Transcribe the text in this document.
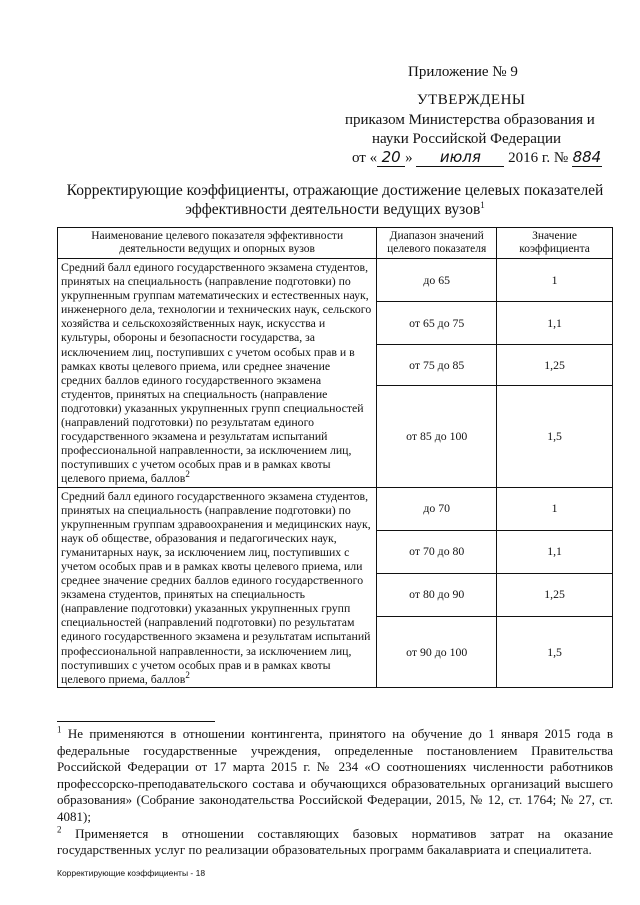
Приложение № 9
УТВЕРЖДЕНЫ
приказом Министерства образования и
науки Российской Федерации
от « 20 » июля 2016 г. № 884
Корректирующие коэффициенты, отражающие достижение целевых показателей
эффективности деятельности ведущих вузов$^1$
Наименование целевого показателя эффективности деятельности ведущих и опорных вузов	Диапазон значений целевого показателя	Значение коэффициента
Средний балл единого государственного экзамена студентов, принятых на специальность (направление подготовки) по укрупненным группам математических и естественных наук, инженерного дела, технологии и технических наук, сельского хозяйства и сельскохозяйственных наук, искусства и культуры, обороны и безопасности государства, за исключением лиц, поступивших с учетом особых прав и в рамках квоты целевого приема, или среднее значение средних баллов единого государственного экзамена студентов, принятых на специальность (направление подготовки) указанных укрупненных групп специальностей (направлений подготовки) по результатам единого государственного экзамена и результатам испытаний профессиональной направленности, за исключением лиц, поступивших с учетом особых прав и в рамках квоты целевого приема, баллов$^2$	до 65	1
	от 65 до 75	1,1
	от 75 до 85	1,25
	от 85 до 100	1,5
Средний балл единого государственного экзамена студентов, принятых на специальность (направление подготовки) по укрупненным группам здравоохранения и медицинских наук, наук об обществе, образования и педагогических наук, гуманитарных наук, за исключением лиц, поступивших с учетом особых прав и в рамках квоты целевого приема, или среднее значение средних баллов единого государственного экзамена студентов, принятых на специальность (направление подготовки) указанных укрупненных групп специальностей (направлений подготовки) по результатам единого государственного экзамена и результатам испытаний профессиональной направленности, за исключением лиц, поступивших с учетом особых прав и в рамках квоты целевого приема, баллов$^2$	до 70	1
	от 70 до 80	1,1
	от 80 до 90	1,25
	от 90 до 100	1,5

$^1$ Не применяются в отношении контингента, принятого на обучение до 1 января 2015 года в федеральные государственные учреждения, определенные постановлением Правительства Российской Федерации от 17 марта 2015 г. № 234 «О соотношениях численности работников профессорско-преподавательского состава и обучающихся образовательных организаций высшего образования» (Собрание законодательства Российской Федерации, 2015, № 12, ст. 1764; № 27, ст. 4081);

$^2$ Применяется в отношении составляющих базовых нормативов затрат на оказание государственных услуг по реализации образовательных программ бакалавриата и специалитета.

Корректирующие коэффициенты - 18
